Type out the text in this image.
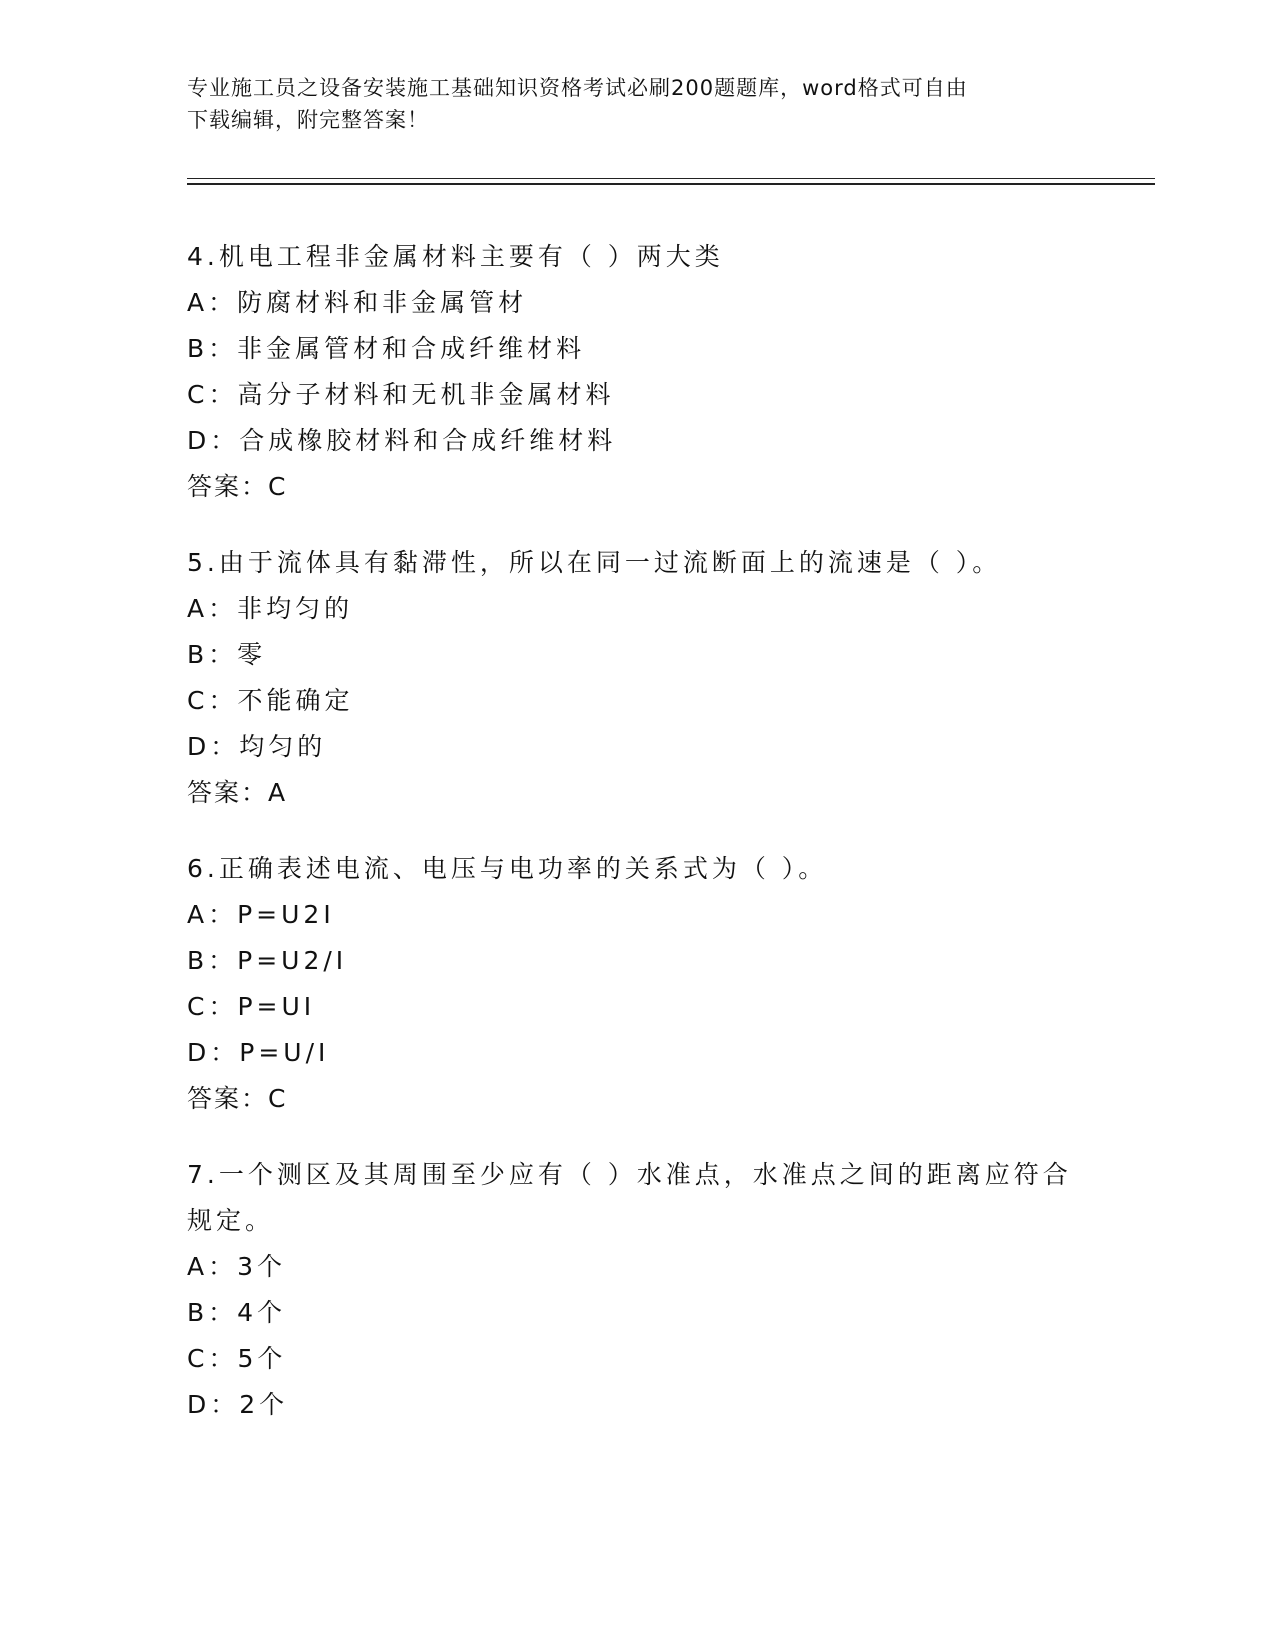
专业施工员之设备安装施工基础知识资格考试必刷200题题库，word格式可自由
下载编辑，附完整答案！
4.机电工程非金属材料主要有（ ）两大类
A：防腐材料和非金属管材
B：非金属管材和合成纤维材料
C：高分子材料和无机非金属材料
D：合成橡胶材料和合成纤维材料
答案：C
5.由于流体具有黏滞性，所以在同一过流断面上的流速是（ ）。
A：非均匀的
B：零
C：不能确定
D：均匀的
答案：A
6.正确表述电流、电压与电功率的关系式为（ ）。
A：P=U2I
B：P=U2/I
C：P=UI
D：P=U/I
答案：C
7.一个测区及其周围至少应有（ ）水准点，水准点之间的距离应符合规定。
A：3个
B：4个
C：5个
D：2个
